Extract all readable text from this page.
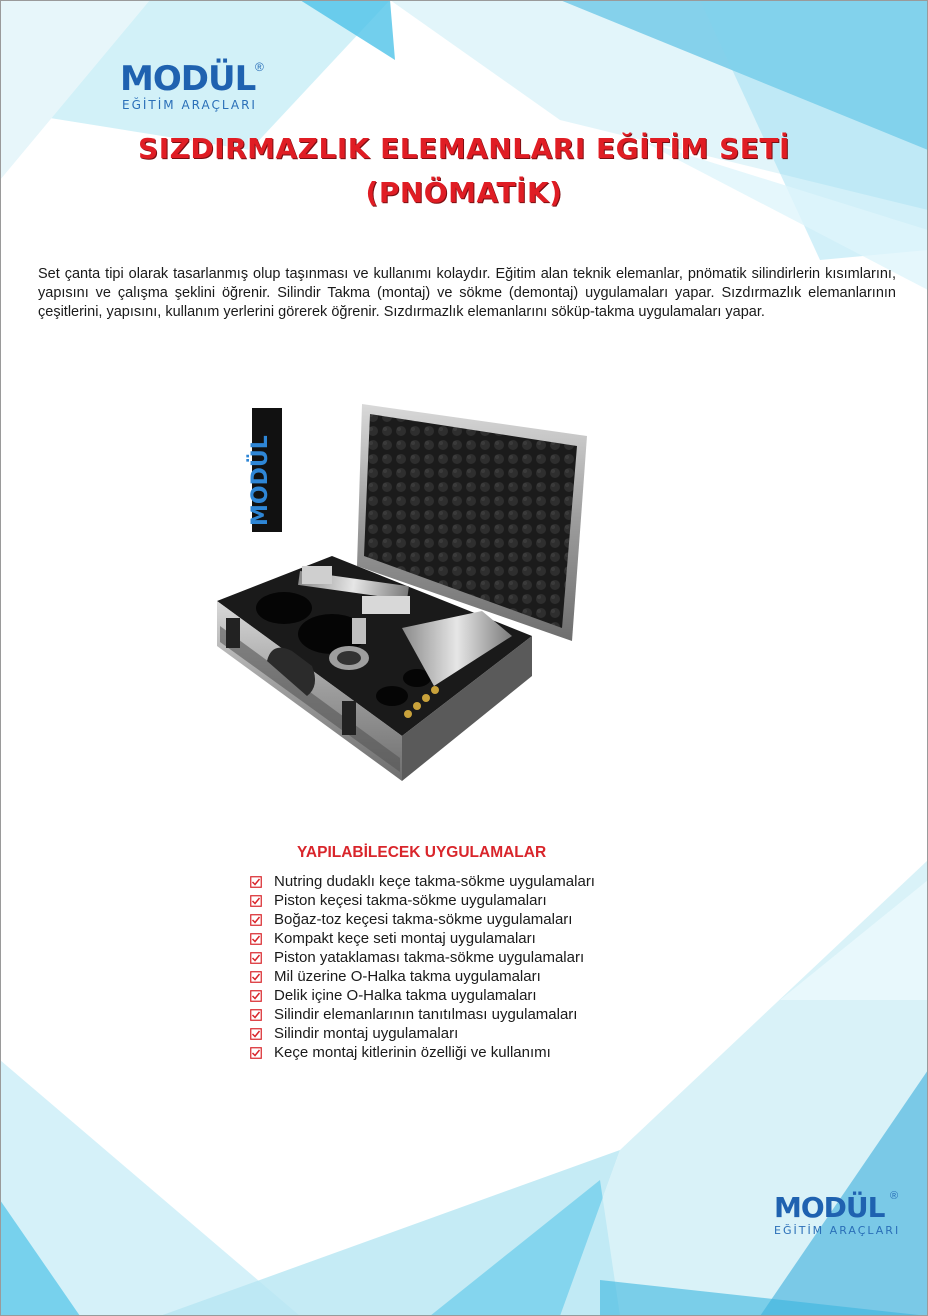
MODÜL
EĞİTİM ARAÇLARI
®
SIZDIRMAZLIK ELEMANLARI EĞİTİM SETİ
(PNÖMATİK)
Set çanta tipi olarak tasarlanmış olup taşınması ve kullanımı kolaydır. Eğitim alan teknik elemanlar, pnömatik silindirlerin kısımlarını, yapısını ve çalışma şeklini öğrenir. Silindir Takma (montaj) ve sökme (demontaj) uygulamaları yapar. Sızdırmazlık elemanlarının çeşitlerini, yapısını, kullanım yerlerini görerek öğrenir. Sızdırmazlık elemanlarını söküp-takma uygulamaları yapar.
MODÜL
YAPILABİLECEK UYGULAMALAR
Nutring dudaklı keçe takma-sökme uygulamaları
Piston keçesi takma-sökme uygulamaları
Boğaz-toz keçesi takma-sökme uygulamaları
Kompakt keçe seti montaj uygulamaları
Piston yataklaması takma-sökme uygulamaları
Mil üzerine O-Halka takma uygulamaları
Delik içine O-Halka takma uygulamaları
Silindir elemanlarının tanıtılması uygulamaları
Silindir montaj uygulamaları
Keçe montaj kitlerinin özelliği ve kullanımı
MODÜL
EĞİTİM ARAÇLARI
®
